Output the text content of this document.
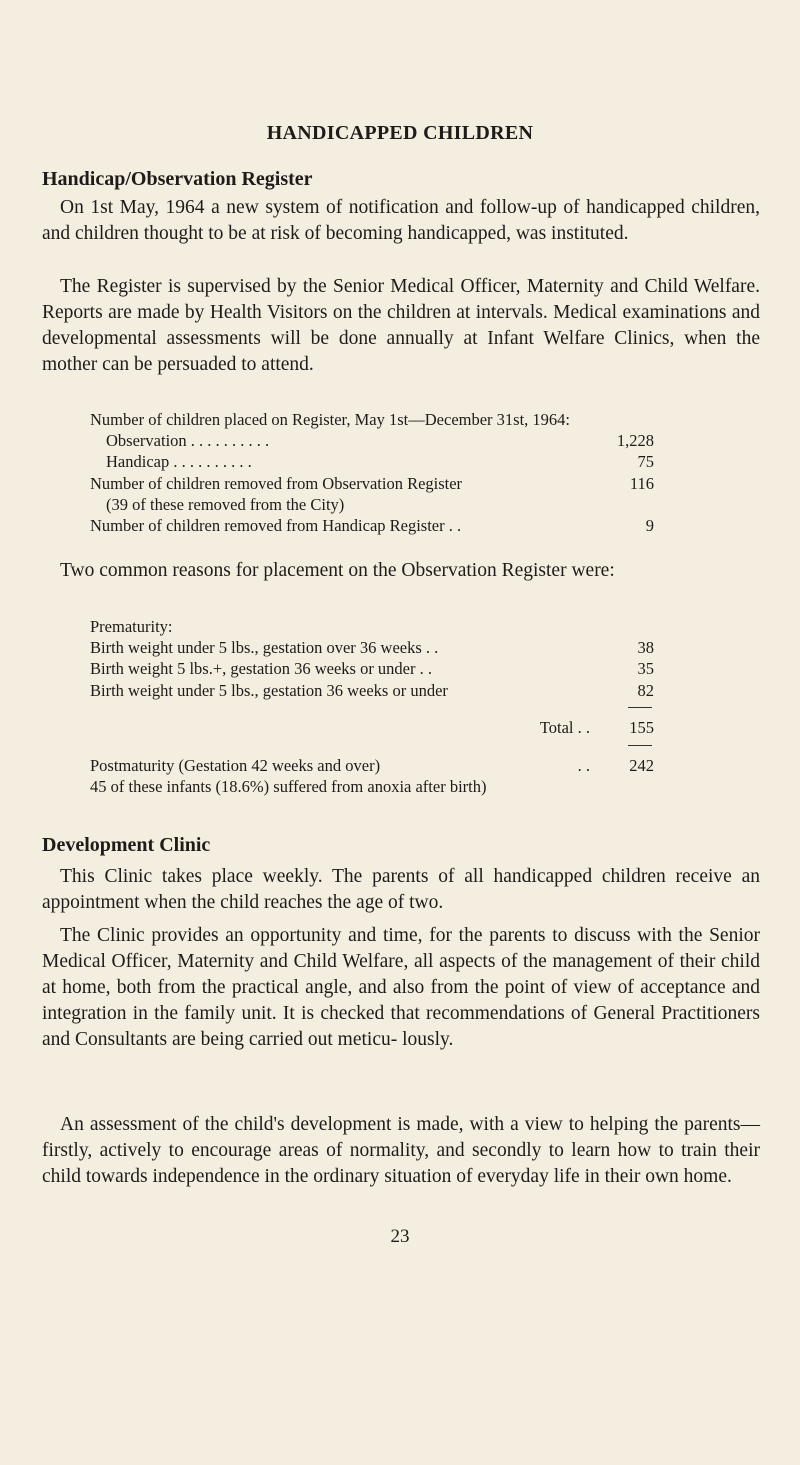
HANDICAPPED CHILDREN
Handicap/Observation Register

On 1st May, 1964 a new system of notification and follow-up of handicapped children, and children thought to be at risk of becoming handicapped, was instituted.

The Register is supervised by the Senior Medical Officer, Maternity and Child Welfare. Reports are made by Health Visitors on the children at intervals. Medical examinations and developmental assessments will be done annually at Infant Welfare Clinics, when the mother can be persuaded to attend.

Number of children placed on Register, May 1st—December 31st, 1964:
Observation . . . . . . . . . .	1,228
Handicap . . . . . . . . . .	75
Number of children removed from Observation Register	116
(39 of these removed from the City)
Number of children removed from Handicap Register . .	9

Two common reasons for placement on the Observation Register were:

Prematurity:
Birth weight under 5 lbs., gestation over 36 weeks . .	38
Birth weight 5 lbs.+, gestation 36 weeks or under . .	35
Birth weight under 5 lbs., gestation 36 weeks or under	82
Total . .	155
Postmaturity (Gestation 42 weeks and over)	. .	242
45 of these infants (18.6%) suffered from anoxia after birth)
Development Clinic

This Clinic takes place weekly. The parents of all handicapped children receive an appointment when the child reaches the age of two.

The Clinic provides an opportunity and time, for the parents to discuss with the Senior Medical Officer, Maternity and Child Welfare, all aspects of the management of their child at home, both from the practical angle, and also from the point of view of acceptance and integration in the family unit. It is checked that recommendations of General Practitioners and Consultants are being carried out meticu- lously.

An assessment of the child's development is made, with a view to helping the parents—firstly, actively to encourage areas of normality, and secondly to learn how to train their child towards independence in the ordinary situation of everyday life in their own home.

23
